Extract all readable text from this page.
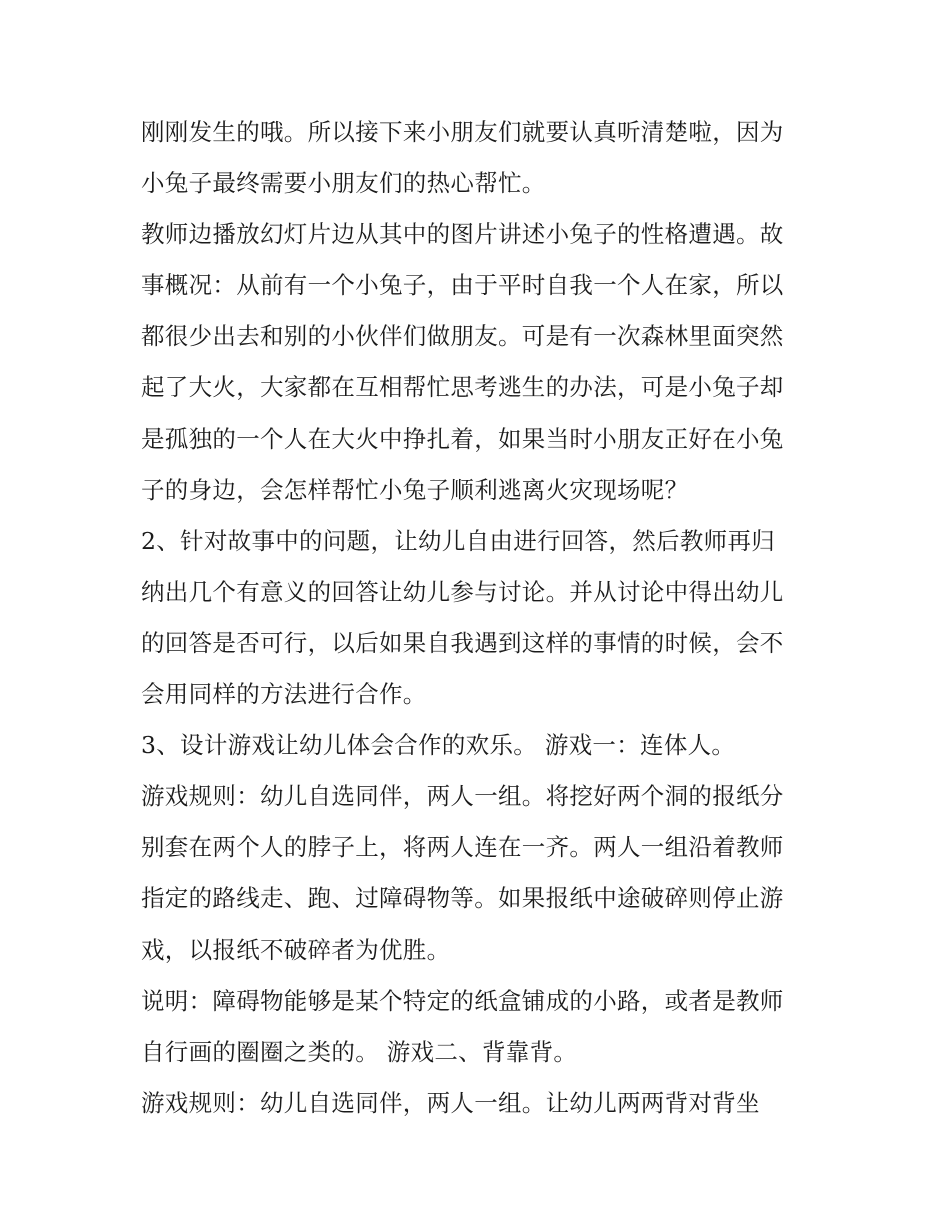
刚刚发生的哦。所以接下来小朋友们就要认真听清楚啦，因为
小兔子最终需要小朋友们的热心帮忙。
教师边播放幻灯片边从其中的图片讲述小兔子的性格遭遇。故
事概况：从前有一个小兔子，由于平时自我一个人在家，所以
都很少出去和别的小伙伴们做朋友。可是有一次森林里面突然
起了大火，大家都在互相帮忙思考逃生的办法，可是小兔子却
是孤独的一个人在大火中挣扎着，如果当时小朋友正好在小兔
子的身边，会怎样帮忙小兔子顺利逃离火灾现场呢？
2、针对故事中的问题，让幼儿自由进行回答，然后教师再归
纳出几个有意义的回答让幼儿参与讨论。并从讨论中得出幼儿
的回答是否可行，以后如果自我遇到这样的事情的时候，会不
会用同样的方法进行合作。
3、设计游戏让幼儿体会合作的欢乐。 游戏一：连体人。
游戏规则：幼儿自选同伴，两人一组。将挖好两个洞的报纸分
别套在两个人的脖子上，将两人连在一齐。两人一组沿着教师
指定的路线走、跑、过障碍物等。如果报纸中途破碎则停止游
戏，以报纸不破碎者为优胜。
说明：障碍物能够是某个特定的纸盒铺成的小路，或者是教师
自行画的圈圈之类的。 游戏二、背靠背。
游戏规则：幼儿自选同伴，两人一组。让幼儿两两背对背坐
